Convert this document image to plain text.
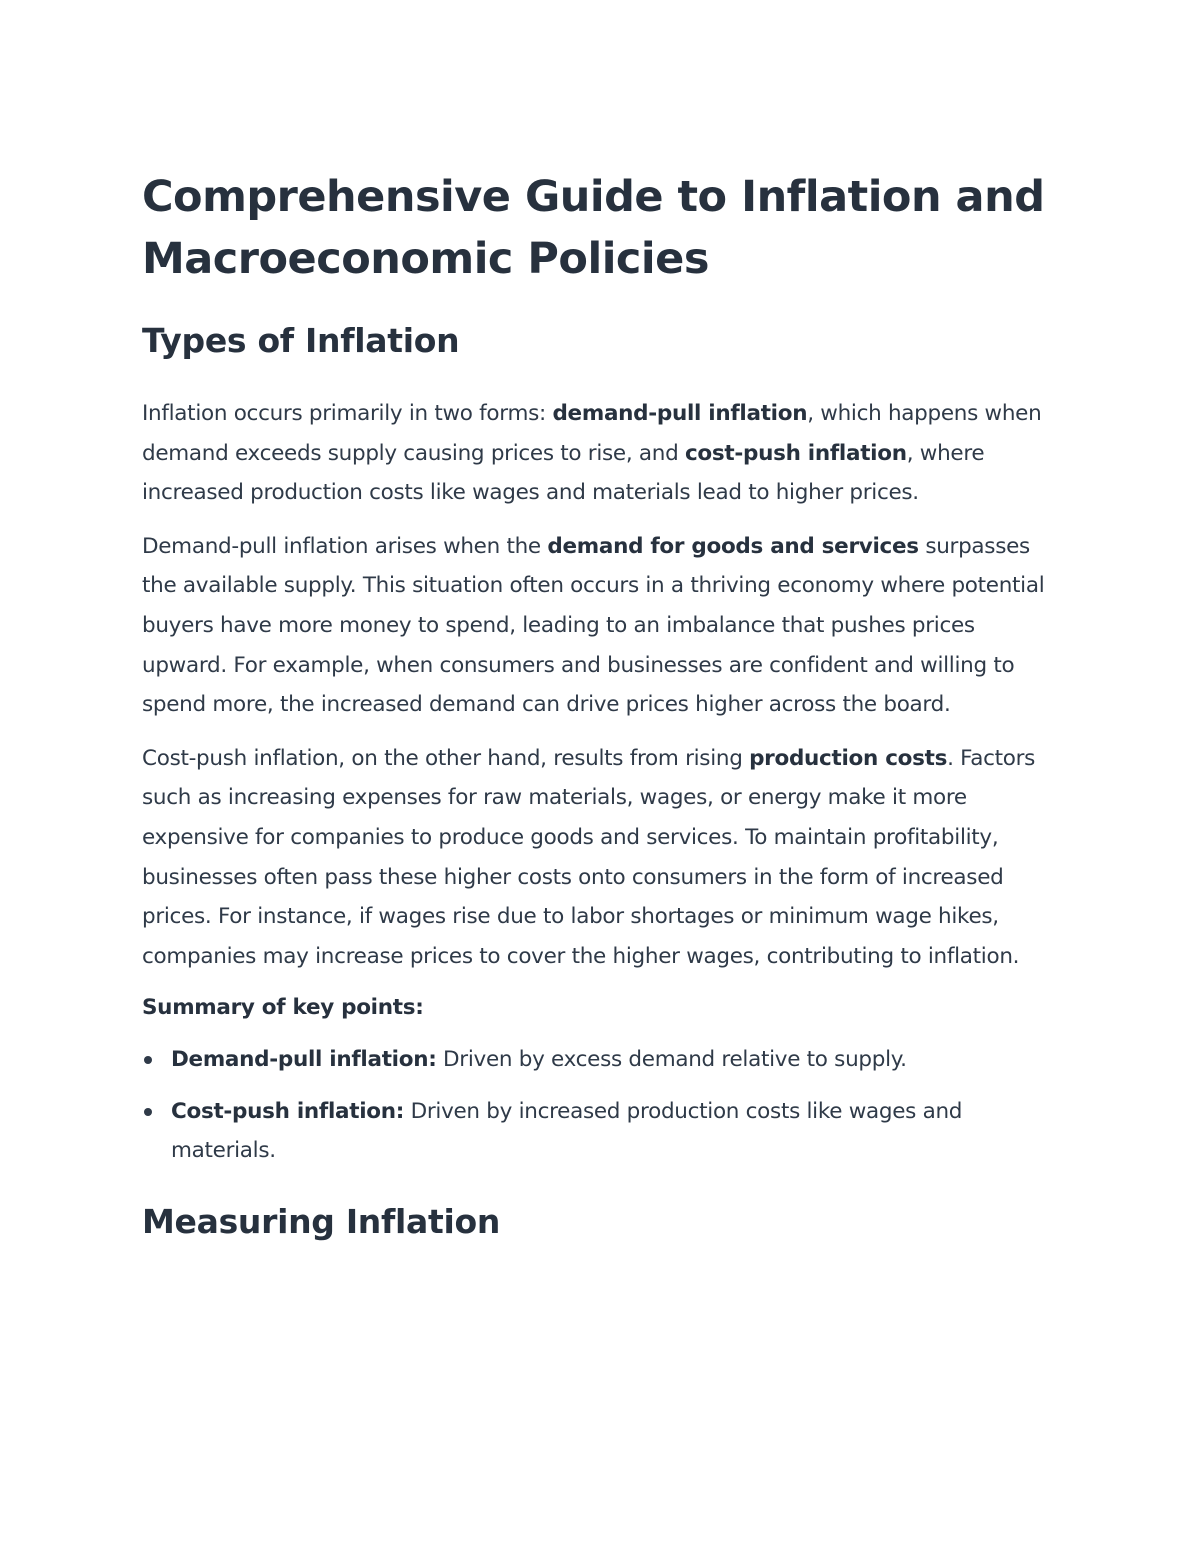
Comprehensive Guide to Inflation and Macroeconomic Policies
Types of Inflation

Inflation occurs primarily in two forms: demand-pull inflation, which happens when demand exceeds supply causing prices to rise, and cost-push inflation, where increased production costs like wages and materials lead to higher prices.

Demand-pull inflation arises when the demand for goods and services surpasses the available supply. This situation often occurs in a thriving economy where potential buyers have more money to spend, leading to an imbalance that pushes prices upward. For example, when consumers and businesses are confident and willing to spend more, the increased demand can drive prices higher across the board.

Cost-push inflation, on the other hand, results from rising production costs. Factors such as increasing expenses for raw materials, wages, or energy make it more expensive for companies to produce goods and services. To maintain profitability, businesses often pass these higher costs onto consumers in the form of increased prices. For instance, if wages rise due to labor shortages or minimum wage hikes, companies may increase prices to cover the higher wages, contributing to inflation.

Summary of key points:

Demand-pull inflation: Driven by excess demand relative to supply.
Cost-push inflation: Driven by increased production costs like wages and materials.
Measuring Inflation
